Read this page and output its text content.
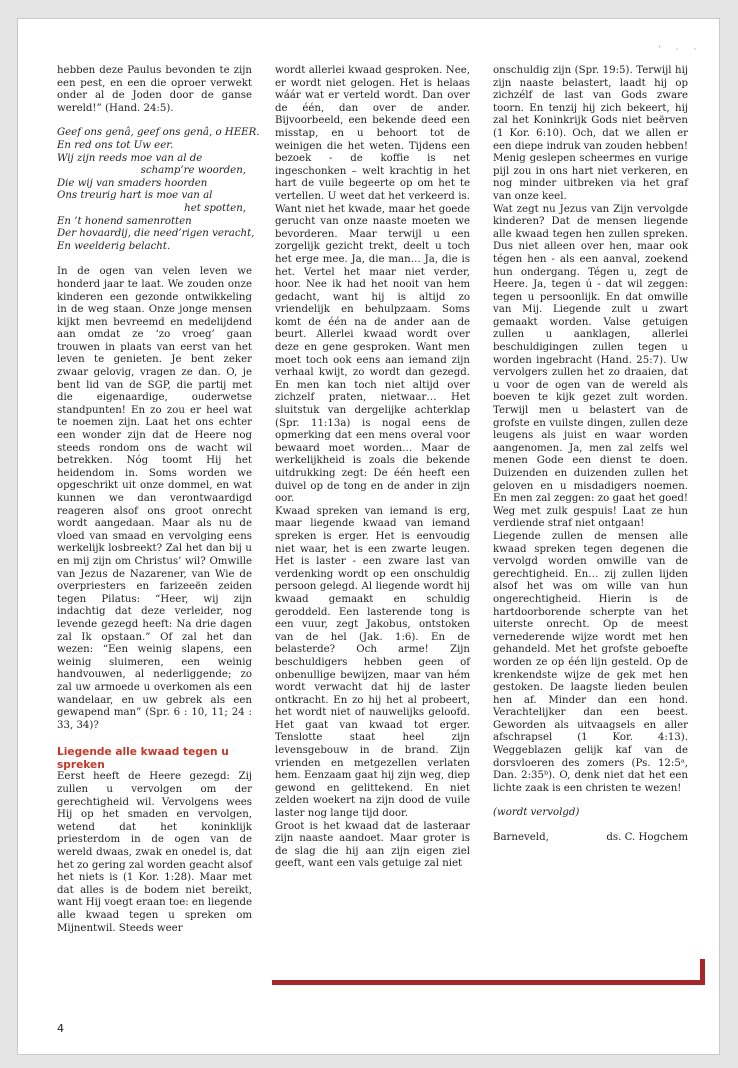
‘ · ·

hebben deze Paulus bevonden te zijn een pest, en een die oproer verwekt onder al de Joden door de ganse wereld!” (Hand. 24:5).

Geef ons genâ, geef ons genâ, o HEER.
En red ons tot Uw eer.
Wij zijn reeds moe van al de
schamp’re woorden,
Die wij van smaders hoorden
Ons treurig hart is moe van al
het spotten,
En ’t honend samenrotten
Der hovaardij, die need’rigen veracht,
En weelderig belacht.

In de ogen van velen leven we honderd jaar te laat. We zouden onze kinderen een gezonde ontwikkeling in de weg staan. Onze jonge mensen kijkt men bevreemd en medelijdend aan omdat ze ‘zo vroeg’ gaan trouwen in plaats van eerst van het leven te genieten. Je bent zeker zwaar gelovig, vragen ze dan. O, je bent lid van de SGP, die partij met die eigenaardige, ouderwetse standpunten! En zo zou er heel wat te noemen zijn. Laat het ons echter een wonder zijn dat de Heere nog steeds rondom ons de wacht wil betrekken. Nóg toomt Hij het heidendom in. Soms worden we opgeschrikt uit onze dommel, en wat kunnen we dan verontwaardigd reageren alsof ons groot onrecht wordt aangedaan. Maar als nu de vloed van smaad en vervolging eens werkelijk losbreekt? Zal het dan bij u en mij zijn om Christus’ wil? Omwille van Jezus de Nazarener, van Wie de overpriesters en farizeeën zeiden tegen Pilatus: “Heer, wij zijn indachtig dat deze verleider, nog levende gezegd heeft: Na drie dagen zal Ik opstaan.” Of zal het dan wezen: “Een weinig slapens, een weinig sluimeren, een weinig handvouwen, al nederliggende; zo zal uw armoede u overkomen als een wandelaar, en uw gebrek als een gewapend man” (Spr. 6 : 10, 11; 24 : 33, 34)?

Liegende alle kwaad tegen u spreken

Eerst heeft de Heere gezegd: Zij zullen u vervolgen om der gerechtigheid wil. Vervolgens wees Hij op het smaden en vervolgen, wetend dat het koninklijk priesterdom in de ogen van de wereld dwaas, zwak en onedel is, dat het zo gering zal worden geacht alsof het niets is (1 Kor. 1:28). Maar met dat alles is de bodem niet bereikt, want Hij voegt eraan toe: en liegende alle kwaad tegen u spreken om Mijnentwil. Steeds weer

wordt allerlei kwaad gesproken. Nee, er wordt niet gelogen. Het is helaas wáár wat er verteld wordt. Dan over de één, dan over de ander. Bijvoorbeeld, een bekende deed een misstap, en u behoort tot de weinigen die het weten. Tijdens een bezoek - de koffie is net ingeschonken – welt krachtig in het hart de vuile begeerte op om het te vertellen. U weet dat het verkeerd is. Want niet het kwade, maar het goede gerucht van onze naaste moeten we bevorderen. Maar terwijl u een zorgelijk gezicht trekt, deelt u toch het erge mee. Ja, die man… Ja, die is het. Vertel het maar niet verder, hoor. Nee ik had het nooit van hem gedacht, want hij is altijd zo vriendelijk en behulpzaam. Soms komt de één na de ander aan de beurt. Allerlei kwaad wordt over deze en gene gesproken. Want men moet toch ook eens aan iemand zijn verhaal kwijt, zo wordt dan gezegd. En men kan toch niet altijd over zichzelf praten, nietwaar… Het sluitstuk van dergelijke achterklap (Spr. 11:13a) is nogal eens de opmerking dat een mens overal voor bewaard moet worden… Maar de werkelijkheid is zoals die bekende uitdrukking zegt: De één heeft een duivel op de tong en de ander in zijn oor.

Kwaad spreken van iemand is erg, maar liegende kwaad van iemand spreken is erger. Het is eenvoudig niet waar, het is een zwarte leugen. Het is laster - een zware last van verdenking wordt op een onschuldig persoon gelegd. Al liegende wordt hij kwaad gemaakt en schuldig geroddeld. Een lasterende tong is een vuur, zegt Jakobus, ontstoken van de hel (Jak. 1:6). En de belasterde? Och arme! Zijn beschuldigers hebben geen of onbenullige bewijzen, maar van hém wordt verwacht dat hij de laster ontkracht. En zo hij het al probeert, het wordt niet of nauwelijks geloofd. Het gaat van kwaad tot erger. Tenslotte staat heel zijn levensgebouw in de brand. Zijn vrienden en metgezellen verlaten hem. Eenzaam gaat hij zijn weg, diep gewond en gelittekend. En niet zelden woekert na zijn dood de vuile laster nog lange tijd door.

Groot is het kwaad dat de lasteraar zijn naaste aandoet. Maar groter is de slag die hij aan zijn eigen ziel geeft, want een vals getuige zal niet

onschuldig zijn (Spr. 19:5). Terwijl hij zijn naaste belastert, laadt hij op zichzélf de last van Gods zware toorn. En tenzij hij zich bekeert, hij zal het Koninkrijk Gods niet beërven (1 Kor. 6:10). Och, dat we allen er een diepe indruk van zouden hebben! Menig geslepen scheermes en vurige pijl zou in ons hart niet verkeren, en nog minder uitbreken via het graf van onze keel.

Wat zegt nu Jezus van Zijn vervolgde kinderen? Dat de mensen liegende alle kwaad tegen hen zullen spreken. Dus niet alleen over hen, maar ook tégen hen - als een aanval, zoekend hun ondergang. Tégen u, zegt de Heere. Ja, tegen ú - dat wil zeggen: tegen u persoonlijk. En dat omwille van Mij. Liegende zult u zwart gemaakt worden. Valse getuigen zullen u aanklagen, allerlei beschuldigingen zullen tegen u worden ingebracht (Hand. 25:7). Uw vervolgers zullen het zo draaien, dat u voor de ogen van de wereld als boeven te kijk gezet zult worden. Terwijl men u belastert van de grofste en vuilste dingen, zullen deze leugens als juist en waar worden aangenomen. Ja, men zal zelfs wel menen Gode een dienst te doen. Duizenden en duizenden zullen het geloven en u misdadigers noemen. En men zal zeggen: zo gaat het goed! Weg met zulk gespuis! Laat ze hun verdiende straf niet ontgaan!

Liegende zullen de mensen alle kwaad spreken tegen degenen die vervolgd worden omwille van de gerechtigheid. En… zij zullen lijden alsof het was om wille van hun ongerechtigheid. Hierin is de hartdoorborende scherpte van het uiterste onrecht. Op de meest vernederende wijze wordt met hen gehandeld. Met het grofste geboefte worden ze op één lijn gesteld. Op de krenkendste wijze de gek met hen gestoken. De laagste lieden beulen hen af. Minder dan een hond. Verachtelijker dan een beest. Geworden als uitvaagsels en aller afschrapsel (1 Kor. 4:13). Weggeblazen gelijk kaf van de dorsvloeren des zomers (Ps. 12:5ᵃ, Dan. 2:35ᵇ). O, denk niet dat het een lichte zaak is een christen te wezen!

(wordt vervolgd)

Barneveld,	ds. C. Hogchem
4
